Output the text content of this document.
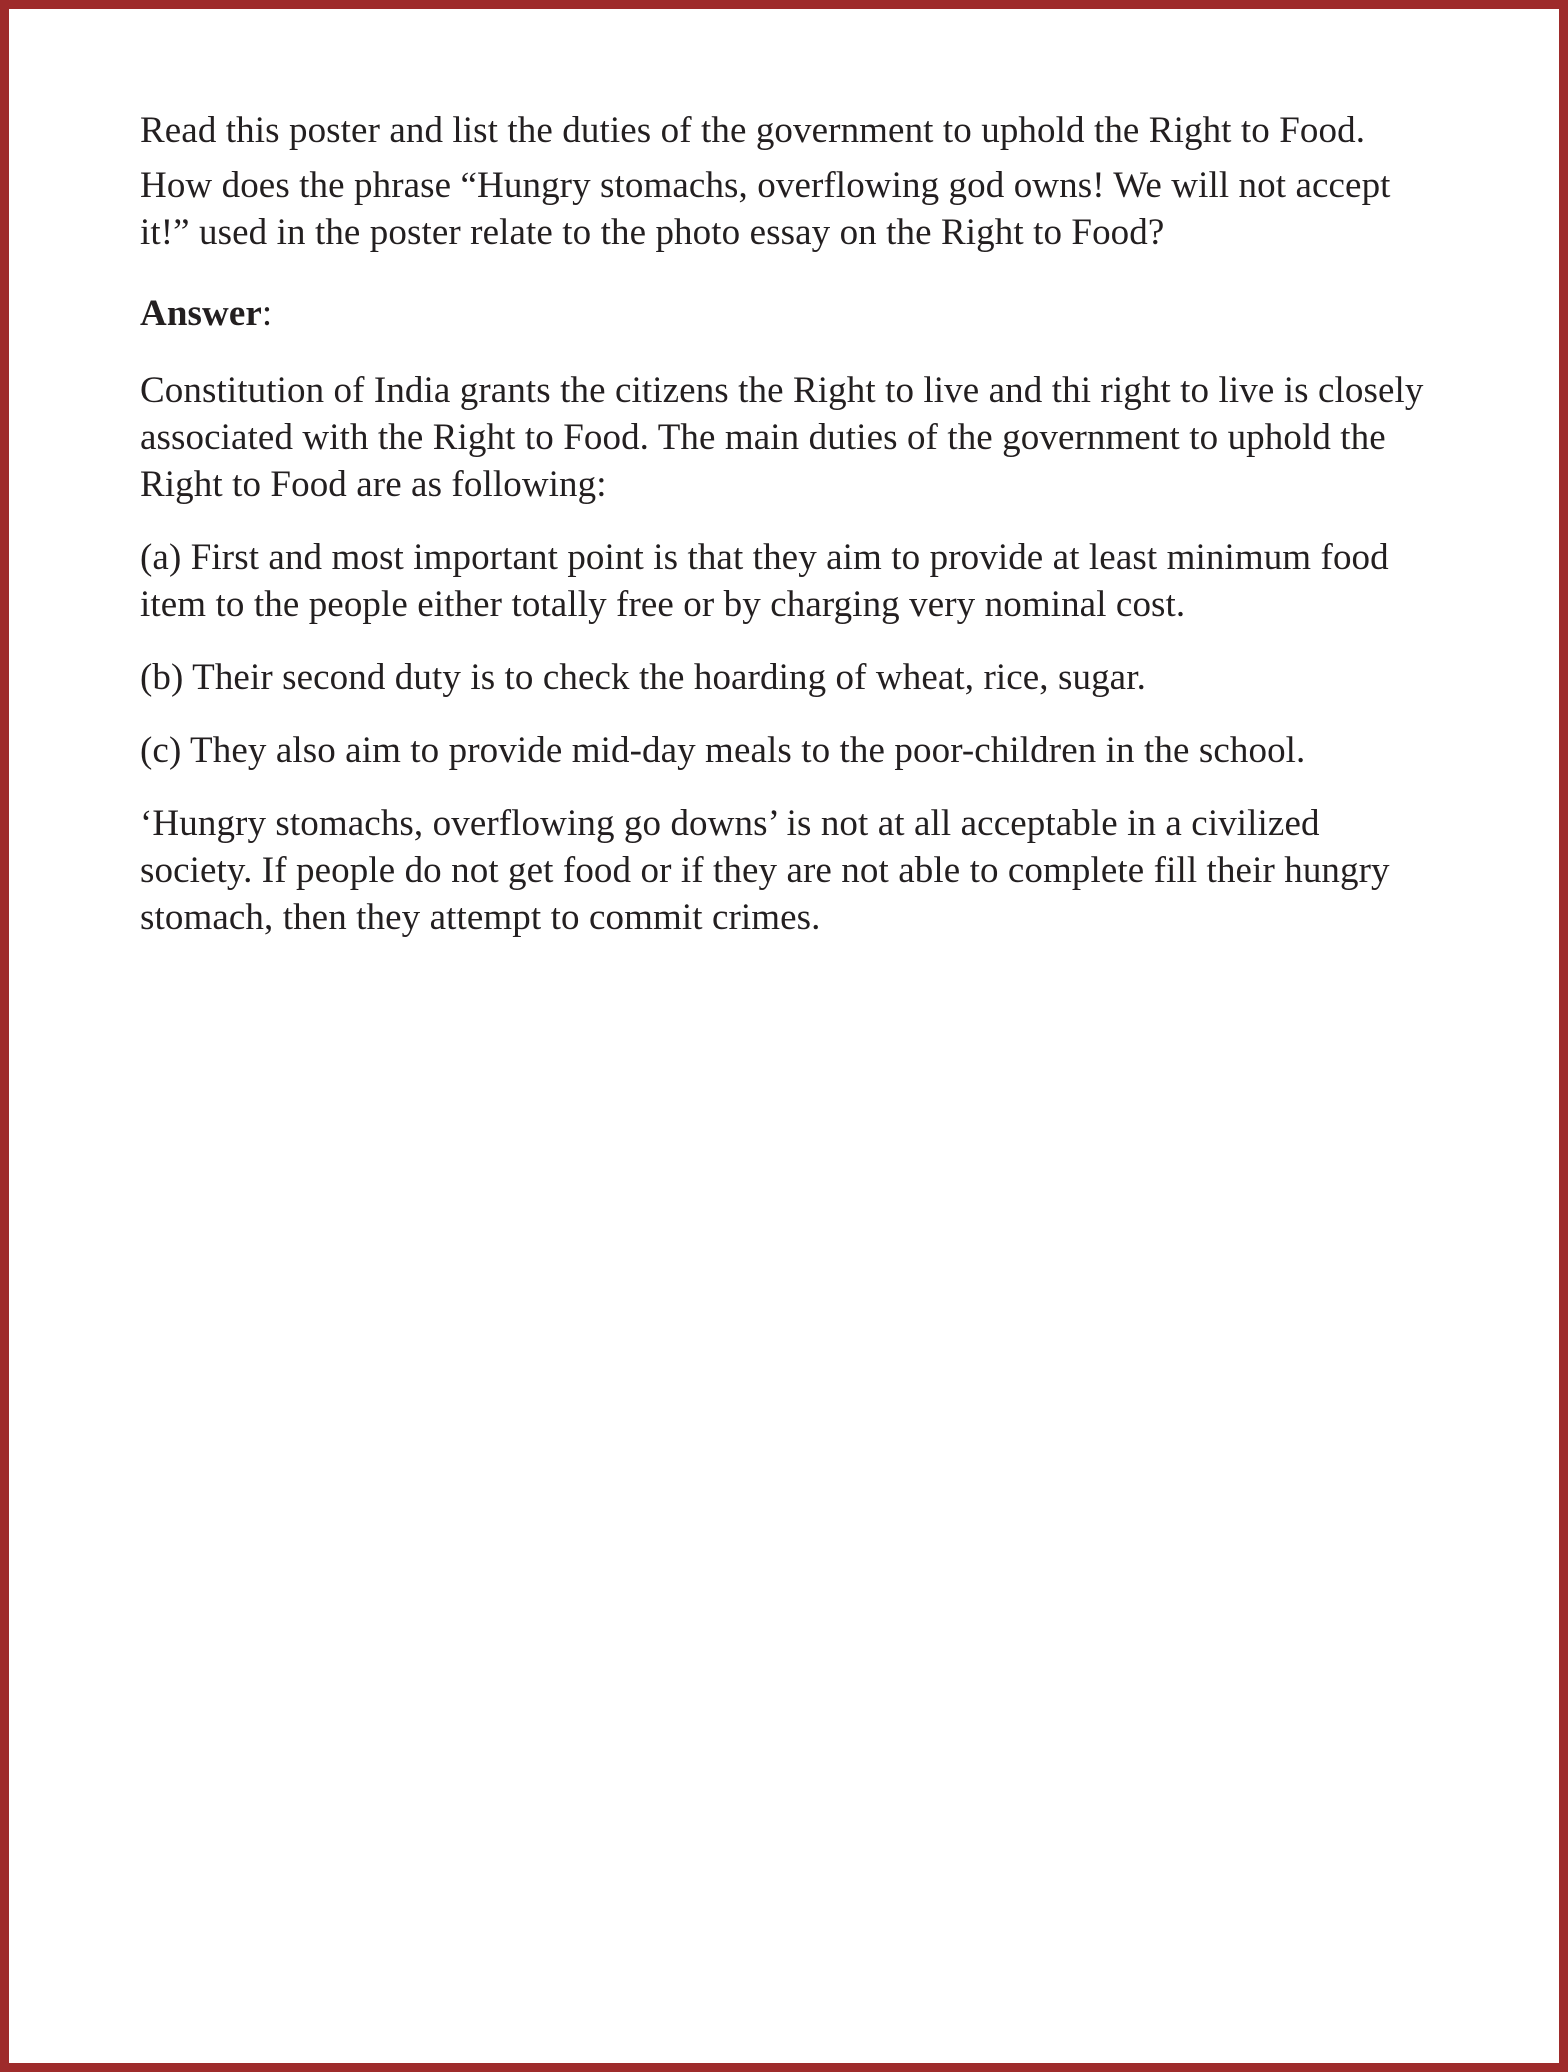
Read this poster and list the duties of the government to uphold the Right to Food.

How does the phrase “Hungry stomachs, overflowing god owns! We will not accept it!” used in the poster relate to the photo essay on the Right to Food?

Answer:

Constitution of India grants the citizens the Right to live and thi right to live is closely associated with the Right to Food. The main duties of the government to uphold the Right to Food are as following:

(a) First and most important point is that they aim to provide at least minimum food item to the people either totally free or by charging very nominal cost.

(b) Their second duty is to check the hoarding of wheat, rice, sugar.

(c) They also aim to provide mid-day meals to the poor-children in the school.

‘Hungry stomachs, overflowing go downs’ is not at all acceptable in a civilized society. If people do not get food or if they are not able to complete fill their hungry stomach, then they attempt to commit crimes.
